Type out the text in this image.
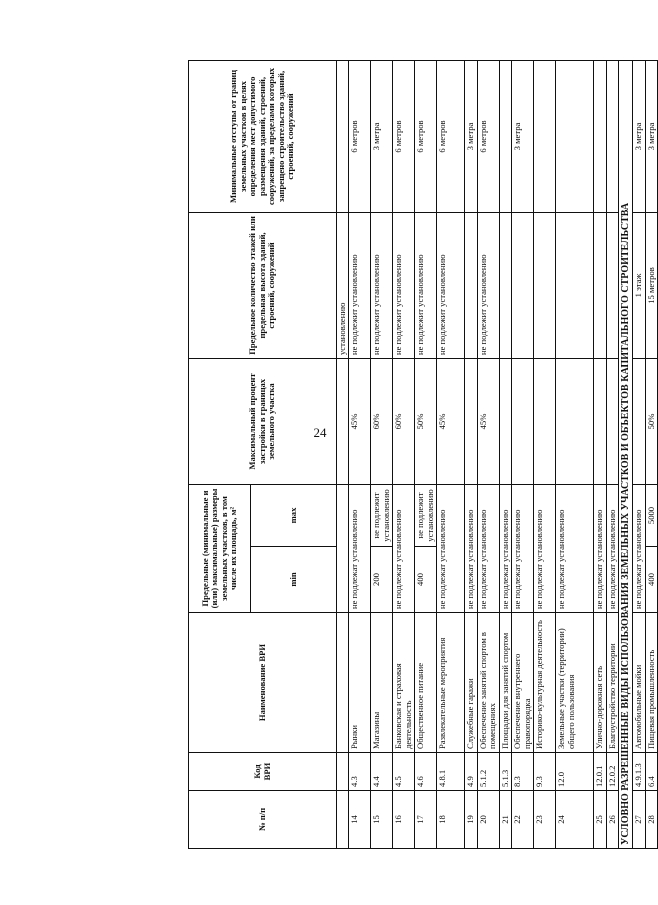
24
№ п/п	Код ВРИ	Наименование ВРИ	Предельные (минимальные и (или) максимальные) размеры земельных участков, в том числе их площадь, м²		Максимальный процент застройки в границах земельного участка	Предельное количество этажей или предельная высота зданий, строений, сооружений	Минимальные отступы от границ земельных участков в целях определения мест допустимого размещения зданий, строений, сооружений, за пределами которых запрещено строительство зданий, строений, сооружений
			min	max			
						установлению	
14	4.3	Рынки	не подлежат установлению		45%	не подлежит установлению	6 метров
15	4.4	Магазины	200	не подлежит установлению	60%	не подлежит установлению	3 метра
16	4.5	Банковская и страховая деятельность	не подлежат установлению		60%	не подлежит установлению	6 метров
17	4.6	Общественное питание	400	не подлежит установлению	50%	не подлежит установлению	6 метров
18	4.8.1	Развлекательные мероприятия	не подлежат установлению		45%	не подлежит установлению	6 метров
19	4.9	Служебные гаражи	не подлежат установлению				3 метра
20	5.1.2	Обеспечение занятий спортом в помещениях	не подлежат установлению		45%	не подлежит установлению	6 метров
21	5.1.3	Площадки для занятий спортом	не подлежат установлению				
22	8.3	Обеспечение внутреннего правопорядка	не подлежат установлению				3 метра
23	9.3	Историко-культурная деятельность	не подлежат установлению				
24	12.0	Земельные участки (территории) общего пользования	не подлежат установлению				
25	12.0.1	Улично-дорожная сеть	не подлежат установлению				
26	12.0.2	Благоустройство территории	не подлежат установлению				
УСЛОВНО РАЗРЕШЕННЫЕ ВИДЫ ИСПОЛЬЗОВАНИЯ ЗЕМЕЛЬНЫХ УЧАСТКОВ И ОБЪЕКТОВ КАПИТАЛЬНОГО СТРОИТЕЛЬСТВА							
27	4.9.1.3	Автомобильные мойки	не подлежат установлению			1 этаж	3 метра
28	6.4	Пищевая промышленность	400	5000	50%	15 метров	3 метра
